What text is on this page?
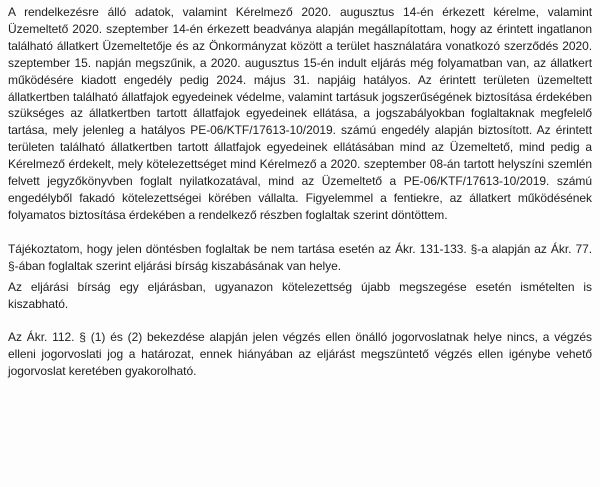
A rendelkezésre álló adatok, valamint Kérelmező 2020. augusztus 14-én érkezett kérelme, valamint Üzemeltető 2020. szeptember 14-én érkezett beadványa alapján megállapítottam, hogy az érintett ingatlanon található állatkert Üzemeltetője és az Önkormányzat között a terület használatára vonatkozó szerződés 2020. szeptember 15. napján megszűnik, a 2020. augusztus 15-én indult eljárás még folyamatban van, az állatkert működésére kiadott engedély pedig 2024. május 31. napjáig hatályos. Az érintett területen üzemeltett állatkertben található állatfajok egyedeinek védelme, valamint tartásuk jogszerűségének biztosítása érdekében szükséges az állatkertben tartott állatfajok egyedeinek ellátása, a jogszabályokban foglaltaknak megfelelő tartása, mely jelenleg a hatályos PE-06/KTF/17613-10/2019. számú engedély alapján biztosított. Az érintett területen található állatkertben tartott állatfajok egyedeinek ellátásában mind az Üzemeltető, mind pedig a Kérelmező érdekelt, mely kötelezettséget mind Kérelmező a 2020. szeptember 08-án tartott helyszíni szemlén felvett jegyzőkönyvben foglalt nyilatkozatával, mind az Üzemeltető a PE-06/KTF/17613-10/2019. számú engedélyből fakadó kötelezettségei körében vállalta. Figyelemmel a fentiekre, az állatkert működésének folyamatos biztosítása érdekében a rendelkező részben foglaltak szerint döntöttem.

Tájékoztatom, hogy jelen döntésben foglaltak be nem tartása esetén az Ákr. 131-133. §-a alapján az Ákr. 77. §-ában foglaltak szerint eljárási bírság kiszabásának van helye.

Az eljárási bírság egy eljárásban, ugyanazon kötelezettség újabb megszegése esetén ismételten is kiszabható.

Az Ákr. 112. § (1) és (2) bekezdése alapján jelen végzés ellen önálló jogorvoslatnak helye nincs, a végzés elleni jogorvoslati jog a határozat, ennek hiányában az eljárást megszüntető végzés ellen igénybe vehető jogorvoslat keretében gyakorolható.
